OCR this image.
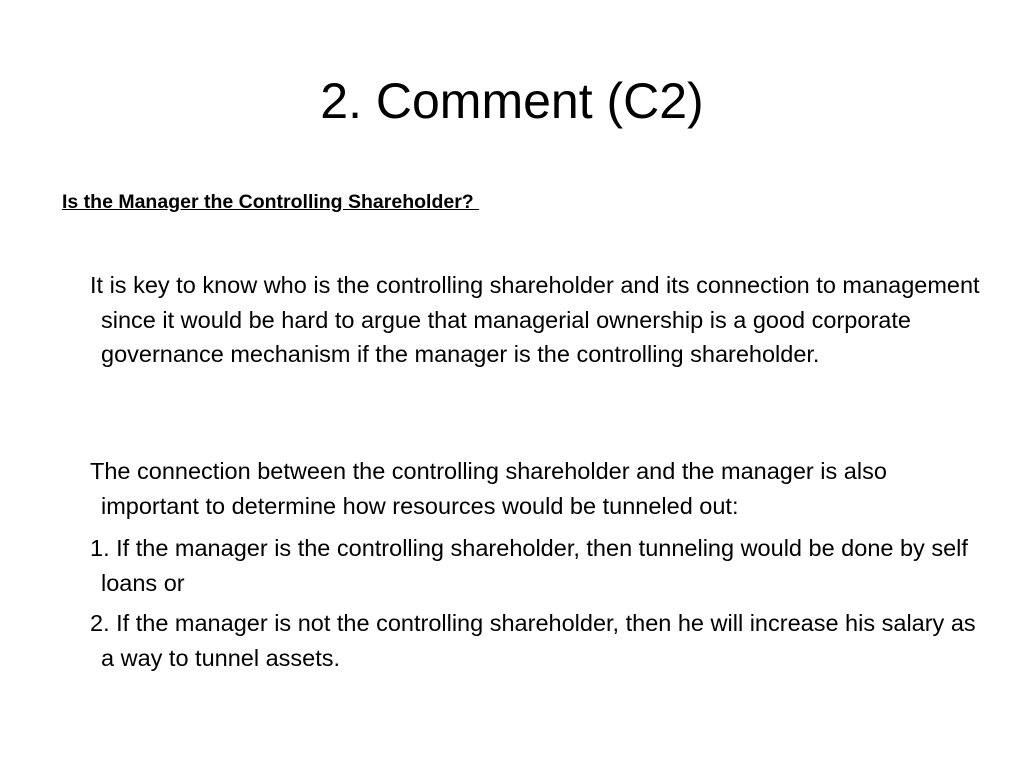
2. Comment (C2)

Is the Manager the Controlling Shareholder?

It is key to know who is the controlling shareholder and its connection to management since it would be hard to argue that managerial ownership is a good corporate governance mechanism if the manager is the controlling shareholder.

The connection between the controlling shareholder and the manager is also important to determine how resources would be tunneled out:

1. If the manager is the controlling shareholder, then tunneling would be done by self loans or

2. If the manager is not the controlling shareholder, then he will increase his salary as a way to tunnel assets.
